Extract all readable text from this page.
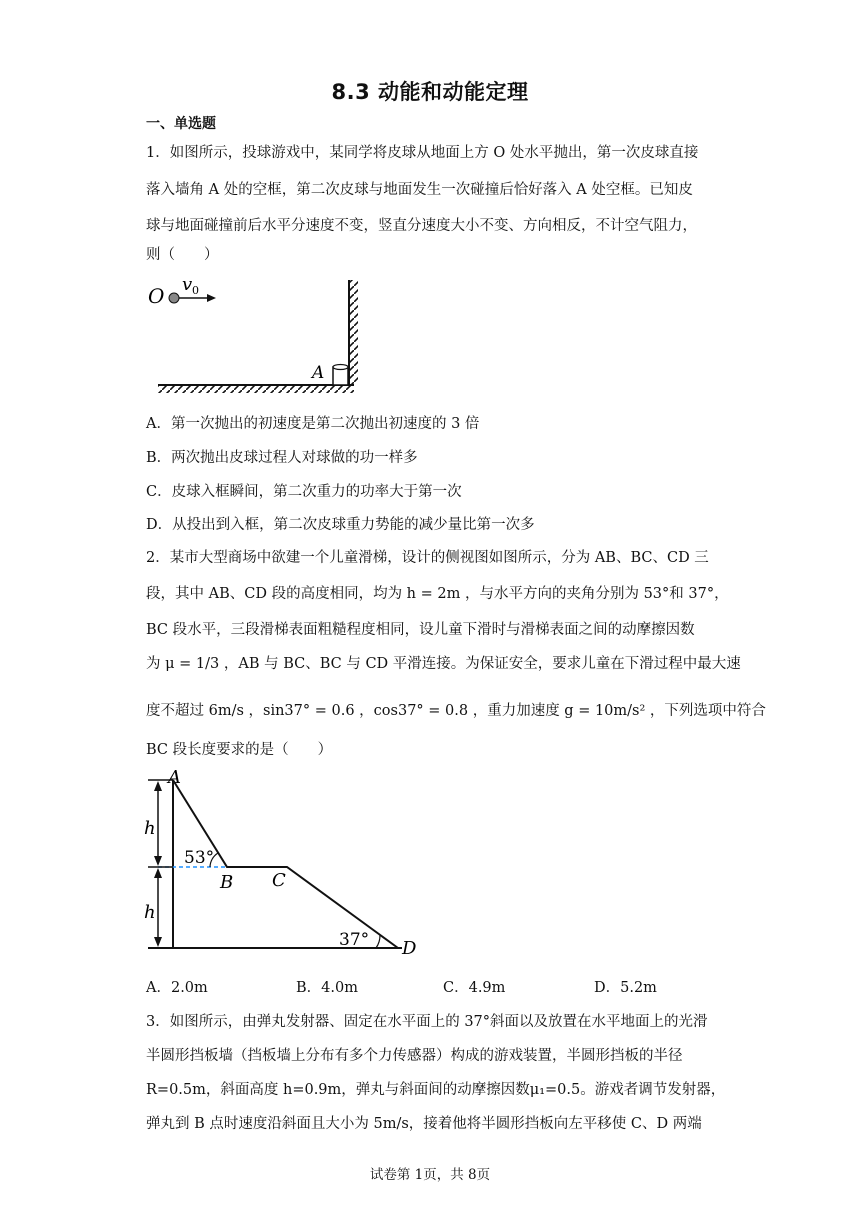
8.3 动能和动能定理
一、单选题
1．如图所示，投球游戏中，某同学将皮球从地面上方 O 处水平抛出，第一次皮球直接
落入墙角 A 处的空框，第二次皮球与地面发生一次碰撞后恰好落入 A 处空框。已知皮
球与地面碰撞前后水平分速度不变，竖直分速度大小不变、方向相反，不计空气阻力，
则（　　）
A
O v 0
A．第一次抛出的初速度是第二次抛出初速度的 3 倍
B．两次抛出皮球过程人对球做的功一样多
C．皮球入框瞬间，第二次重力的功率大于第一次
D．从投出到入框，第二次皮球重力势能的减少量比第一次多
2．某市大型商场中欲建一个儿童滑梯，设计的侧视图如图所示，分为 AB、BC、CD 三
段，其中 AB、CD 段的高度相同，均为 h = 2m ，与水平方向的夹角分别为 53°和 37°，
BC 段水平，三段滑梯表面粗糙程度相同，设儿童下滑时与滑梯表面之间的动摩擦因数
为 μ = 1/3 ，AB 与 BC、BC 与 CD 平滑连接。为保证安全，要求儿童在下滑过程中最大速
度不超过 6m/s ，sin37° = 0.6 ，cos37° = 0.8 ，重力加速度 g = 10m/s² ，下列选项中符合
BC 段长度要求的是（　　）
h
h
53°
37°
A
B C
D
A．2.0m	B．4.0m	C．4.9m	D．5.2m
3．如图所示，由弹丸发射器、固定在水平面上的 37°斜面以及放置在水平地面上的光滑
半圆形挡板墙（挡板墙上分布有多个力传感器）构成的游戏装置，半圆形挡板的半径
R=0.5m，斜面高度 h=0.9m，弹丸与斜面间的动摩擦因数μ₁=0.5。游戏者调节发射器，
弹丸到 B 点时速度沿斜面且大小为 5m/s，接着他将半圆形挡板向左平移使 C、D 两端
试卷第 1页，共 8页
